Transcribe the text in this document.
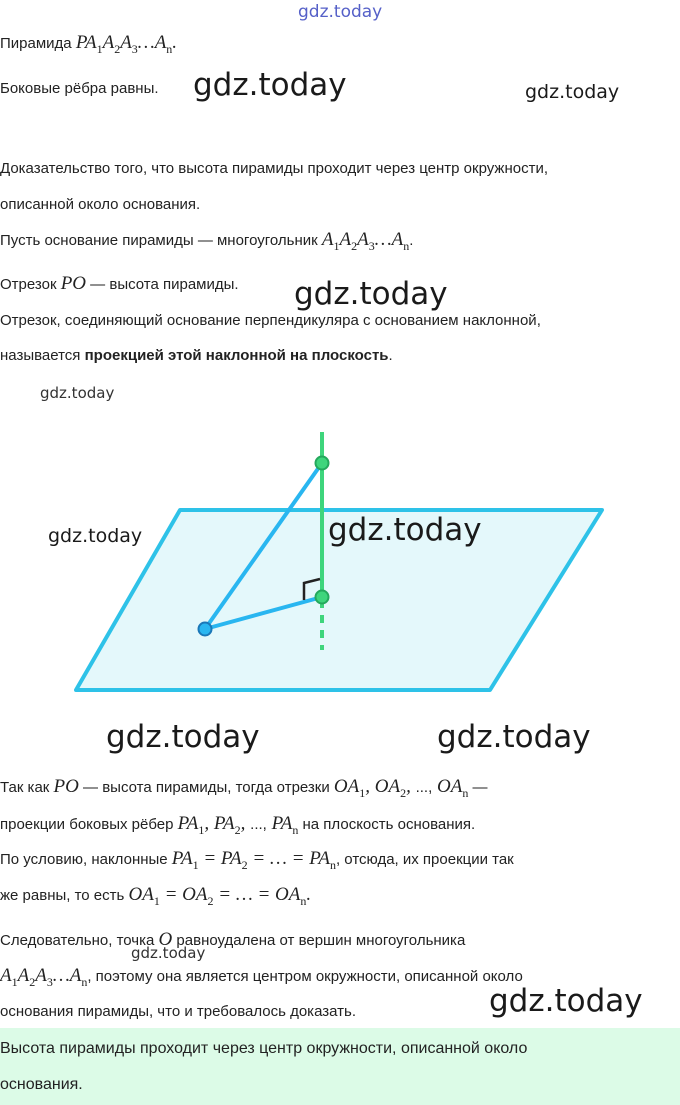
gdz.today
Пирамида $PA_1A_2A_3\dots A_n$.
Боковые рёбра равны. gdz.today	gdz.today
Доказательство того, что высота пирамиды проходит через центр окружности,
описанной около основания.
Пусть основание пирамиды — многоугольник $A_1A_2A_3\dots A_n$.
Отрезок PO — высота пирамиды. gdz.today
Отрезок, соединяющий основание перпендикуляра с основанием наклонной,
называется проекцией этой наклонной на плоскость.
gdz.today
gdz.today	gdz.today
gdz.today	gdz.today
Так как PO — высота пирамиды, тогда отрезки $OA_1$, $OA_2$, ..., $OA_n$ —
проекции боковых рёбер $PA_1$, $PA_2$, ..., $PA_n$ на плоскость основания.
По условию, наклонные $PA_1 = PA_2$ = … = $PA_n$, отсюда, их проекции так
же равны, то есть $OA_1 = OA_2$ = … = $OA_n$.
Следовательно, точка O равноудалена от вершин многоугольника
gdz.today
$A_1A_2A_3\dots A_n$, поэтому она является центром окружности, описанной около
основания пирамиды, что и требовалось доказать.	gdz.today
Высота пирамиды проходит через центр окружности, описанной около
основания.
